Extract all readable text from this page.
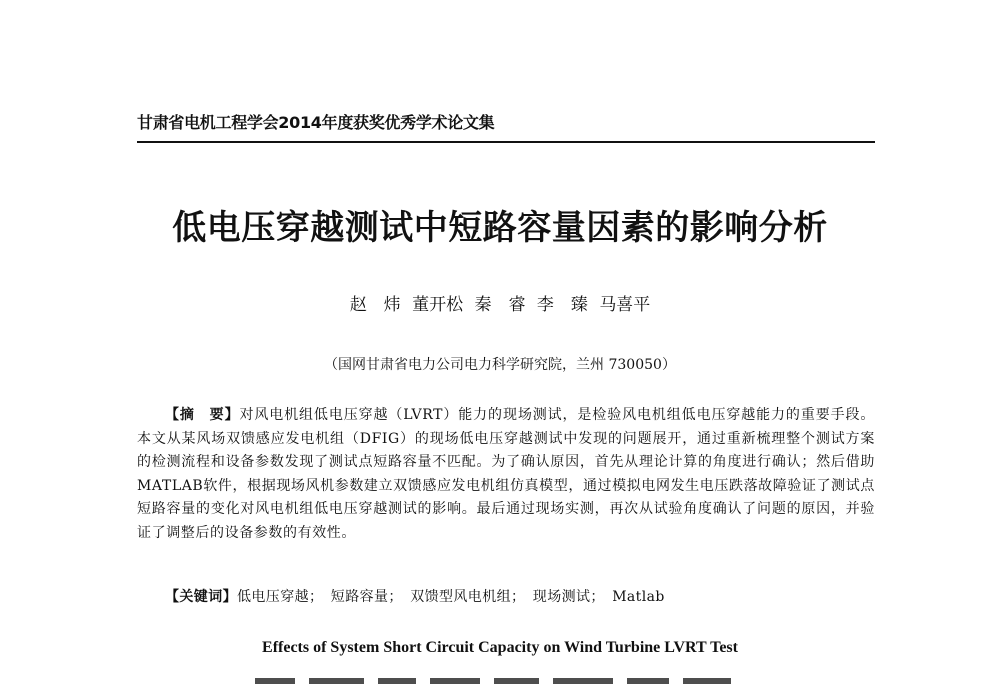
甘肃省电机工程学会2014年度获奖优秀学术论文集
低电压穿越测试中短路容量因素的影响分析
赵　炜 董开松 秦　睿 李　臻 马喜平
（国网甘肃省电力公司电力科学研究院，兰州 730050）
【摘　要】对风电机组低电压穿越（LVRT）能力的现场测试，是检验风电机组低电压穿越能力的重要手段。本文从某风场双馈感应发电机组（DFIG）的现场低电压穿越测试中发现的问题展开，通过重新梳理整个测试方案的检测流程和设备参数发现了测试点短路容量不匹配。为了确认原因，首先从理论计算的角度进行确认；然后借助MATLAB软件，根据现场风机参数建立双馈感应发电机组仿真模型，通过模拟电网发生电压跌落故障验证了测试点短路容量的变化对风电机组低电压穿越测试的影响。最后通过现场实测，再次从试验角度确认了问题的原因，并验证了调整后的设备参数的有效性。
【关键词】低电压穿越；　短路容量；　双馈型风电机组；　现场测试；　Matlab
Effects of System Short Circuit Capacity on Wind Turbine LVRT Test
